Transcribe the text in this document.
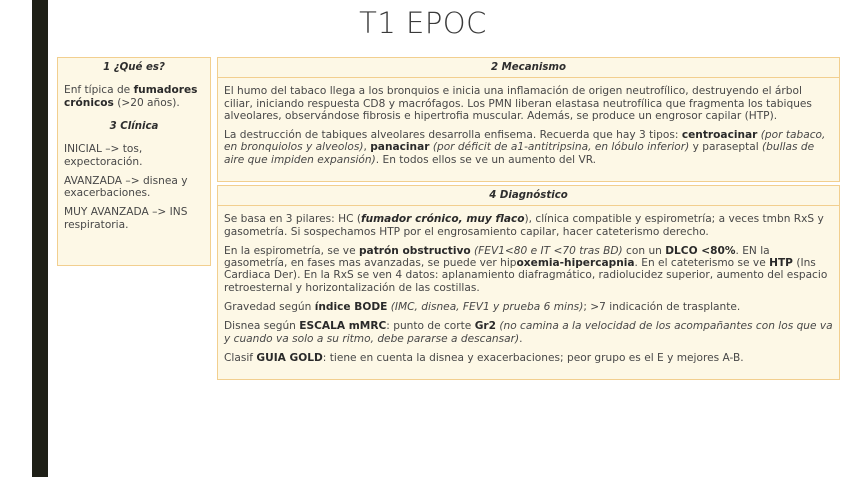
T1 EPOC
1 ¿Qué es?
Enf típica de fumadores crónicos (>20 años).
3 Clínica
INICIAL –> tos, expectoración.
AVANZADA –> disnea y exacerbaciones.
MUY AVANZADA –> INS respiratoria.
2 Mecanismo
El humo del tabaco llega a los bronquios e inicia una inflamación de origen neutrofílico, destruyendo el árbol ciliar, iniciando respuesta CD8 y macrófagos. Los PMN liberan elastasa neutrofílica que fragmenta los tabiques alveolares, observándose fibrosis e hipertrofia muscular. Además, se produce un engrosor capilar (HTP).
La destrucción de tabiques alveolares desarrolla enfisema. Recuerda que hay 3 tipos: centroacinar (por tabaco, en bronquiolos y alveolos), panacinar (por déficit de a1-antitripsina, en lóbulo inferior) y paraseptal (bullas de aire que impiden expansión). En todos ellos se ve un aumento del VR.
4 Diagnóstico
Se basa en 3 pilares: HC (fumador crónico, muy flaco), clínica compatible y espirometría; a veces tmbn RxS y gasometría. Si sospechamos HTP por el engrosamiento capilar, hacer cateterismo derecho.
En la espirometría, se ve patrón obstructivo (FEV1<80 e IT <70 tras BD) con un DLCO <80%. EN la gasometría, en fases mas avanzadas, se puede ver hipoxemia-hipercapnia. En el cateterismo se ve HTP (Ins Cardiaca Der). En la RxS se ven 4 datos: aplanamiento diafragmático, radiolucidez superior, aumento del espacio retroesternal y horizontalización de las costillas.
Gravedad según índice BODE (IMC, disnea, FEV1 y prueba 6 mins); >7 indicación de trasplante.
Disnea según ESCALA mMRC: punto de corte Gr2 (no camina a la velocidad de los acompañantes con los que va y cuando va solo a su ritmo, debe pararse a descansar).
Clasif GUIA GOLD: tiene en cuenta la disnea y exacerbaciones; peor grupo es el E y mejores A-B.
